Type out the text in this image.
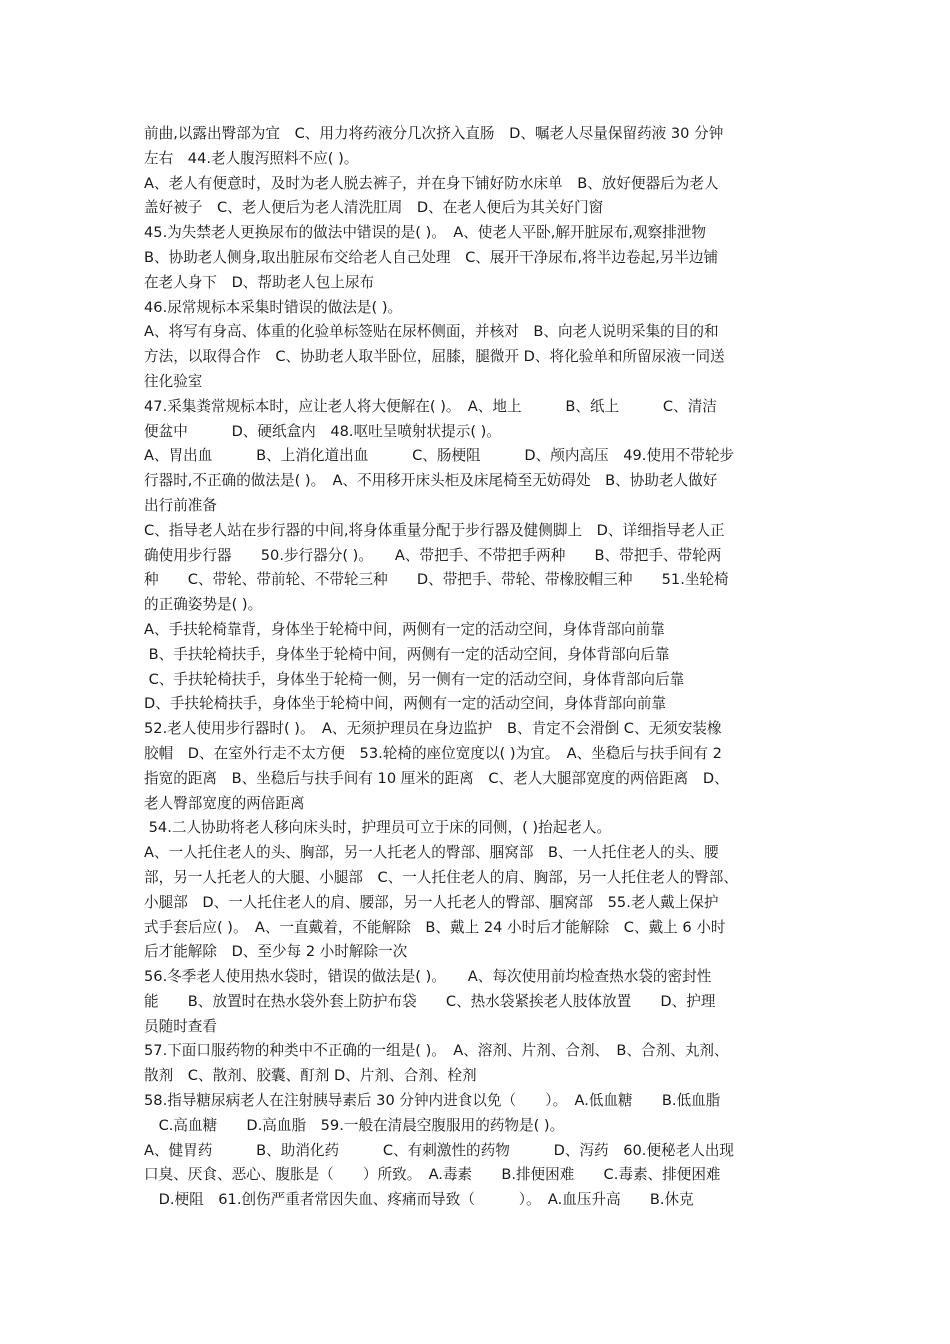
前曲,以露出臀部为宜　C、用力将药液分几次挤入直肠　D、嘱老人尽量保留药液 30 分钟
左右　44.老人腹泻照料不应( )。
A、老人有便意时，及时为老人脱去裤子，并在身下铺好防水床单　B、放好便器后为老人
盖好被子　C、老人便后为老人清洗肛周　D、在老人便后为其关好门窗
45.为失禁老人更换尿布的做法中错误的是( )。　A、使老人平卧,解开脏尿布,观察排泄物
B、协助老人侧身,取出脏尿布交给老人自己处理　C、展开干净尿布,将半边卷起,另半边铺
在老人身下　D、帮助老人包上尿布
46.尿常规标本采集时错误的做法是( )。
A、将写有身高、体重的化验单标签贴在尿杯侧面，并核对　B、向老人说明采集的目的和
方法，以取得合作　C、协助老人取半卧位，屈膝，腿微开 D、将化验单和所留尿液一同送
往化验室
47.采集粪常规标本时，应让老人将大便解在( )。　A、地上　　　B、纸上　　　C、清洁
便盆中　　　D、硬纸盒内　48.呕吐呈喷射状提示( )。
A、胃出血　　　B、上消化道出血　　　C、肠梗阻　　　D、颅内高压　49.使用不带轮步
行器时,不正确的做法是( )。　A、不用移开床头柜及床尾椅至无妨碍处　B、协助老人做好
出行前准备
C、指导老人站在步行器的中间,将身体重量分配于步行器及健侧脚上　D、详细指导老人正
确使用步行器　　50.步行器分( )。　　A、带把手、不带把手两种　　B、带把手、带轮两
种　　C、带轮、带前轮、不带轮三种　　D、带把手、带轮、带橡胶帽三种　　51.坐轮椅
的正确姿势是( )。
A、手扶轮椅靠背，身体坐于轮椅中间，两侧有一定的活动空间，身体背部向前靠
B、手扶轮椅扶手，身体坐于轮椅中间，两侧有一定的活动空间，身体背部向后靠
C、手扶轮椅扶手，身体坐于轮椅一侧，另一侧有一定的活动空间，身体背部向后靠
D、手扶轮椅扶手，身体坐于轮椅中间，两侧有一定的活动空间，身体背部向前靠
52.老人使用步行器时( )。　A、无须护理员在身边监护　B、肯定不会滑倒 C、无须安装橡
胶帽　D、在室外行走不太方便　53.轮椅的座位宽度以( )为宜。　A、坐稳后与扶手间有 2
指宽的距离　B、坐稳后与扶手间有 10 厘米的距离　C、老人大腿部宽度的两倍距离　D、
老人臀部宽度的两倍距离
54.二人协助将老人移向床头时，护理员可立于床的同侧，( )抬起老人。
A、一人托住老人的头、胸部，另一人托老人的臀部、腘窝部　B、一人托住老人的头、腰
部，另一人托老人的大腿、小腿部　C、一人托住老人的肩、胸部，另一人托住老人的臀部、
小腿部　D、一人托住老人的肩、腰部，另一人托老人的臀部、腘窝部　55.老人戴上保护
式手套后应( )。　A、一直戴着，不能解除　B、戴上 24 小时后才能解除　C、戴上 6 小时
后才能解除　D、至少每 2 小时解除一次
56.冬季老人使用热水袋时，错误的做法是( )。　　A、每次使用前均检查热水袋的密封性
能　　B、放置时在热水袋外套上防护布袋　　C、热水袋紧挨老人肢体放置　　D、护理
员随时查看
57.下面口服药物的种类中不正确的一组是( )。　A、溶剂、片剂、合剂、　B、合剂、丸剂、
散剂　C、散剂、胶囊、酊剂 D、片剂、合剂、栓剂
58.指导糖尿病老人在注射胰导素后 30 分钟内进食以免（　　）。　A.低血糖　　B.低血脂
　C.高血糖　　D.高血脂　59.一般在清晨空腹服用的药物是( )。
A、健胃药　　　B、助消化药　　　C、有刺激性的药物　　　D、泻药　60.便秘老人出现
口臭、厌食、恶心、腹胀是（　　）所致。　A.毒素　　B.排便困难　　C.毒素、排便困难
　D.梗阻　61.创伤严重者常因失血、疼痛而导致（　　　）。　A.血压升高　　B.休克
